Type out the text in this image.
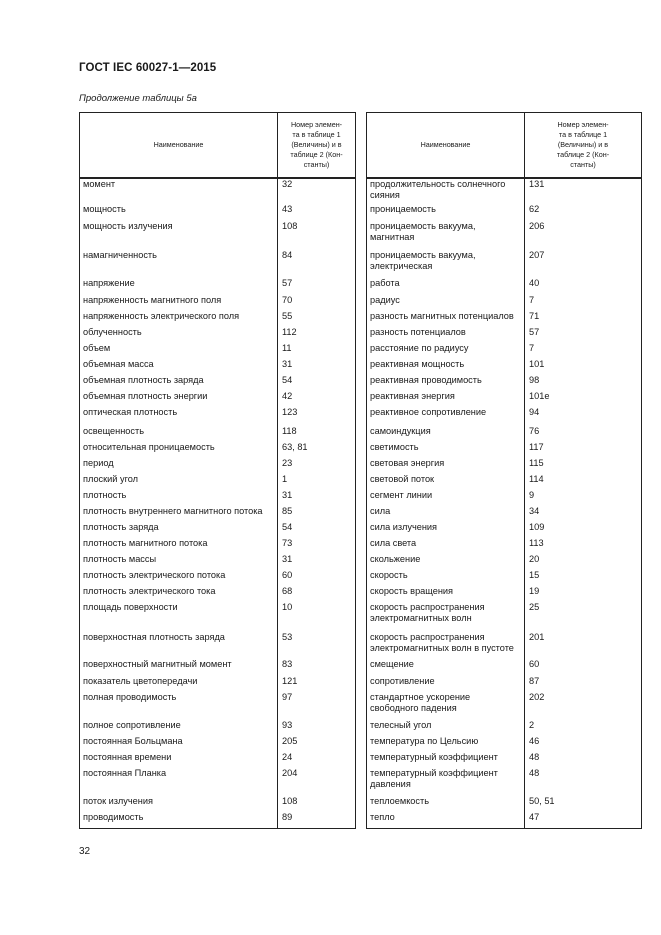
ГОСТ IEC 60027-1—2015
Продолжение таблицы 5а
Наименование	Номер элемен-
та в таблице 1
(Величины) и в
таблице 2 (Кон-
станты)
момент	32
мощность	43
мощность излучения	108
намагниченность	84
напряжение	57
напряженность магнитного поля	70
напряженность электрического поля	55
облученность	112
объем	11
объемная масса	31
объемная плотность заряда	54
объемная плотность энергии	42
оптическая плотность	123
освещенность	118
относительная проницаемость	63, 81
период	23
плоский угол	1
плотность	31
плотность внутреннего магнитного потока	85
плотность заряда	54
плотность магнитного потока	73
плотность массы	31
плотность электрического потока	60
плотность электрического тока	68
площадь поверхности	10
поверхностная плотность заряда	53
поверхностный магнитный момент	83
показатель цветопередачи	121
полная проводимость	97
полное сопротивление	93
постоянная Больцмана	205
постоянная времени	24
постоянная Планка	204
поток излучения	108
проводимость	89
Наименование	Номер элемен-
та в таблице 1
(Величины) и в
таблице 2 (Кон-
станты)
продолжительность солнечного сияния	131
проницаемость	62
проницаемость вакуума, магнитная	206
проницаемость вакуума, электрическая	207
работа	40
радиус	7
разность магнитных потенциалов	71
разность потенциалов	57
расстояние по радиусу	7
реактивная мощность	101
реактивная проводимость	98
реактивная энергия	101e
реактивное сопротивление	94
самоиндукция	76
светимость	117
световая энергия	115
световой поток	114
сегмент линии	9
сила	34
сила излучения	109
сила света	113
скольжение	20
скорость	15
скорость вращения	19
скорость распространения электромагнитных волн	25
скорость распространения электромагнитных волн в пустоте	201
смещение	60
сопротивление	87
стандартное ускорение свободного падения	202
телесный угол	2
температура по Цельсию	46
температурный коэффициент	48
температурный коэффициент давления	48
теплоемкость	50, 51
тепло	47
32
